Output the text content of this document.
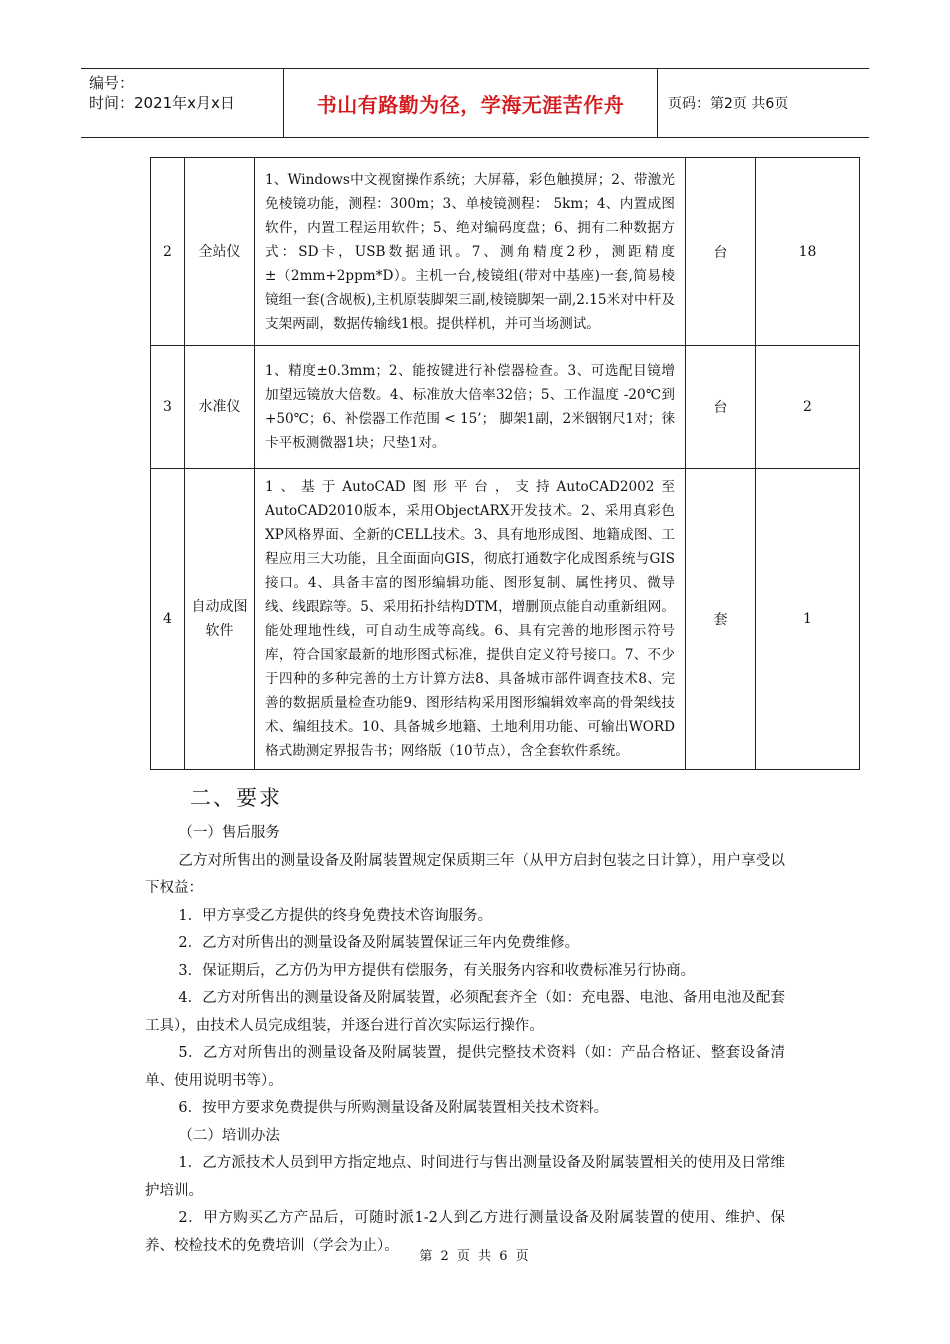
编号：
时间：2021年x月x日	书山有路勤为径，学海无涯苦作舟	页码：第2页 共6页
2	全站仪	1、Windows中文视窗操作系统；大屏幕，彩色触摸屏；2、带激光免棱镜功能，测程：300m；3、单棱镜测程： 5km；4、内置成图软件，内置工程运用软件；5、绝对编码度盘；6、拥有二种数据方式：SD卡，USB数据通讯。7、测角精度2秒，测距精度±（2mm+2ppm*D）。主机一台,棱镜组(带对中基座)一套,简易棱镜组一套(含觇板),主机原装脚架三副,棱镜脚架一副,2.15米对中杆及支架两副，数据传输线1根。提供样机，并可当场测试。	台	18
3	水准仪	1、精度±0.3mm；2、能按键进行补偿器检查。3、可选配目镜增加望远镜放大倍数。4、标准放大倍率32倍；5、工作温度 -20℃到 +50℃；6、补偿器工作范围 < 15’； 脚架1副，2米铟钢尺1对；徕卡平板测微器1块；尺垫1对。	台	2
4	自动成图软件	1、基于AutoCAD图形平台，支持AutoCAD2002至AutoCAD2010版本，采用ObjectARX开发技术。2、采用真彩色XP风格界面、全新的CELL技术。3、具有地形成图、地籍成图、工程应用三大功能，且全面面向GIS，彻底打通数字化成图系统与GIS接口。4、具备丰富的图形编辑功能、图形复制、属性拷贝、微导线、线跟踪等。5、采用拓扑结构DTM，增删顶点能自动重新组网。能处理地性线，可自动生成等高线。6、具有完善的地形图示符号库，符合国家最新的地形图式标准，提供自定义符号接口。7、不少于四种的多种完善的土方计算方法8、具备城市部件调查技术8、完善的数据质量检查功能9、图形结构采用图形编辑效率高的骨架线技术、编组技术。10、具备城乡地籍、土地利用功能、可输出WORD格式勘测定界报告书；网络版（10节点），含全套软件系统。	套	1
二、要求

（一）售后服务

乙方对所售出的测量设备及附属装置规定保质期三年（从甲方启封包装之日计算），用户享受以下权益：

1．甲方享受乙方提供的终身免费技术咨询服务。

2．乙方对所售出的测量设备及附属装置保证三年内免费维修。

3．保证期后，乙方仍为甲方提供有偿服务，有关服务内容和收费标准另行协商。

4．乙方对所售出的测量设备及附属装置，必须配套齐全（如：充电器、电池、备用电池及配套工具），由技术人员完成组装，并逐台进行首次实际运行操作。

5．乙方对所售出的测量设备及附属装置，提供完整技术资料（如：产品合格证、整套设备清单、使用说明书等）。

6．按甲方要求免费提供与所购测量设备及附属装置相关技术资料。

（二）培训办法

1．乙方派技术人员到甲方指定地点、时间进行与售出测量设备及附属装置相关的使用及日常维护培训。

2．甲方购买乙方产品后，可随时派1-2人到乙方进行测量设备及附属装置的使用、维护、保养、校检技术的免费培训（学会为止）。

第 2 页 共 6 页
